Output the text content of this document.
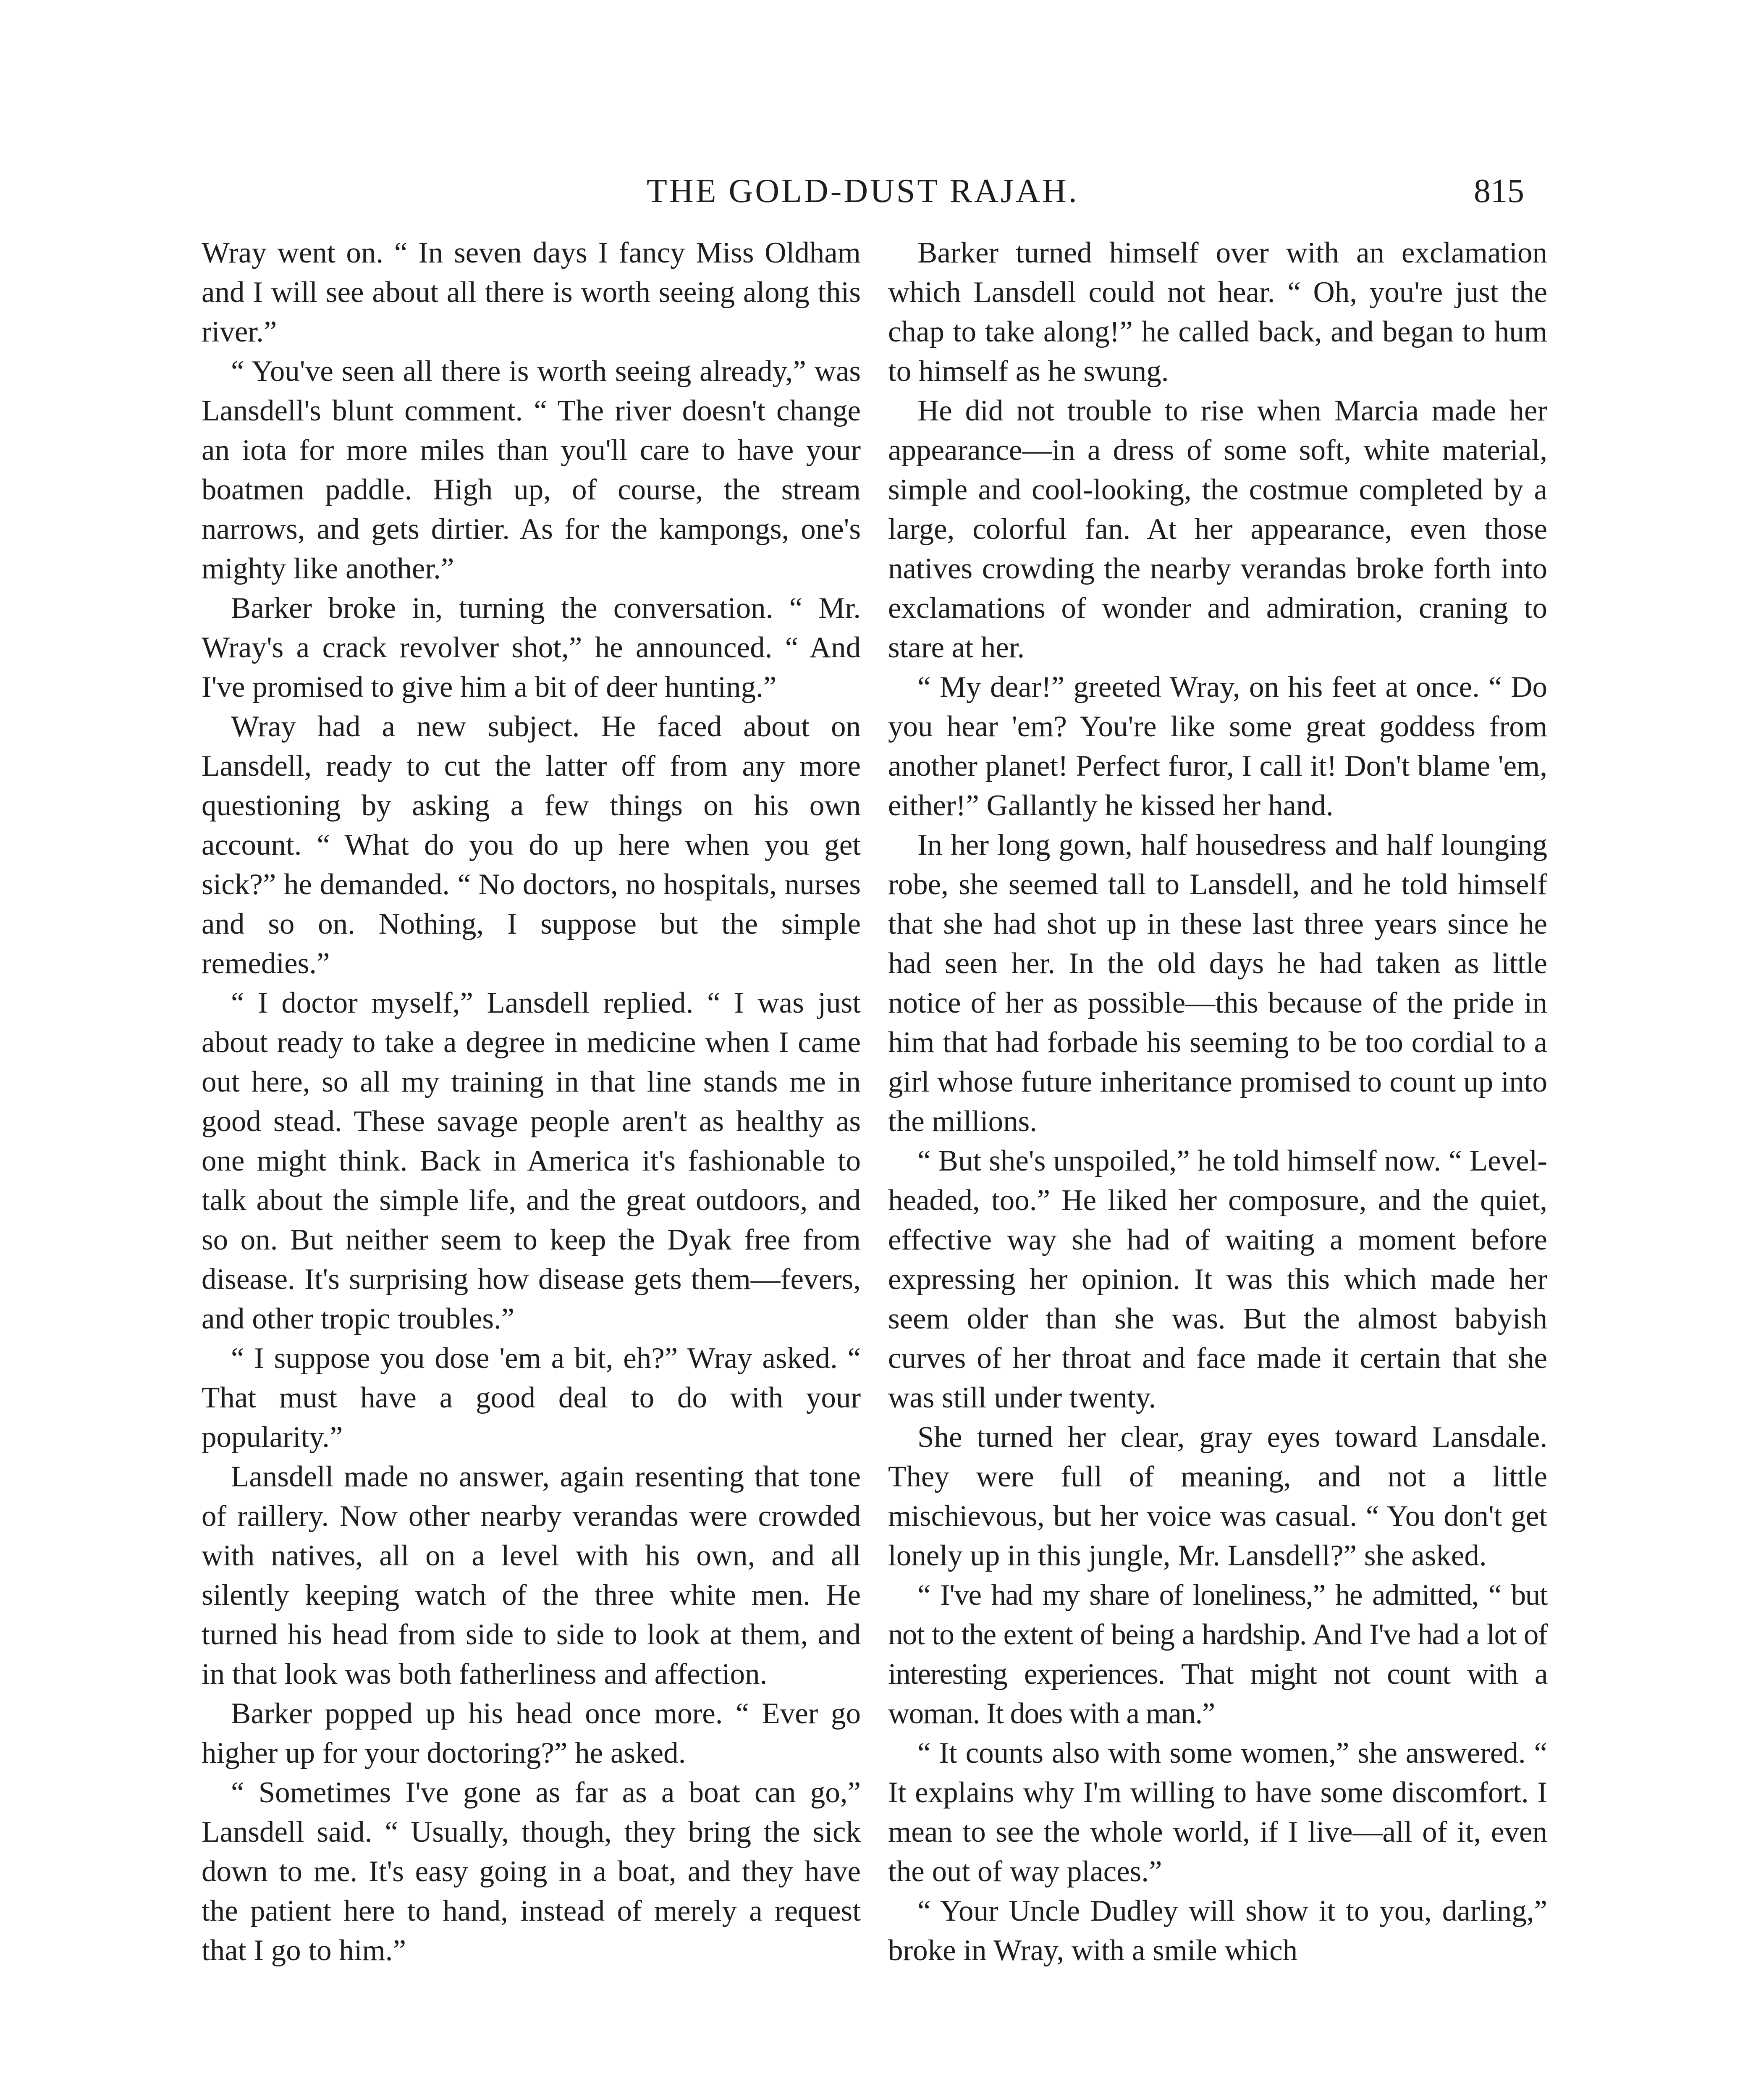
THE GOLD-DUST RAJAH.	815

Wray went on. “ In seven days I fancy Miss Oldham and I will see about all there is worth seeing along this river.”

“ You've seen all there is worth seeing already,” was Lansdell's blunt comment. “ The river doesn't change an iota for more miles than you'll care to have your boatmen paddle. High up, of course, the stream narrows, and gets dirtier. As for the kampongs, one's mighty like another.”

Barker broke in, turning the conversation. “ Mr. Wray's a crack revolver shot,” he announced. “ And I've promised to give him a bit of deer hunting.”

Wray had a new subject. He faced about on Lansdell, ready to cut the latter off from any more questioning by asking a few things on his own account. “ What do you do up here when you get sick?” he demanded. “ No doctors, no hospitals, nurses and so on. Nothing, I suppose but the simple remedies.”

“ I doctor myself,” Lansdell replied. “ I was just about ready to take a degree in medicine when I came out here, so all my training in that line stands me in good stead. These savage people aren't as healthy as one might think. Back in America it's fashionable to talk about the simple life, and the great outdoors, and so on. But neither seem to keep the Dyak free from disease. It's surprising how disease gets them—fevers, and other tropic troubles.”

“ I suppose you dose 'em a bit, eh?” Wray asked. “ That must have a good deal to do with your popularity.”

Lansdell made no answer, again resenting that tone of raillery. Now other nearby verandas were crowded with natives, all on a level with his own, and all silently keeping watch of the three white men. He turned his head from side to side to look at them, and in that look was both fatherliness and affection.

Barker popped up his head once more. “ Ever go higher up for your doctoring?” he asked.

“ Sometimes I've gone as far as a boat can go,” Lansdell said. “ Usually, though, they bring the sick down to me. It's easy going in a boat, and they have the patient here to hand, instead of merely a request that I go to him.”

Barker turned himself over with an exclamation which Lansdell could not hear. “ Oh, you're just the chap to take along!” he called back, and began to hum to himself as he swung.

He did not trouble to rise when Marcia made her appearance—in a dress of some soft, white material, simple and cool-looking, the costmue completed by a large, colorful fan. At her appearance, even those natives crowding the nearby verandas broke forth into exclamations of wonder and admiration, craning to stare at her.

“ My dear!” greeted Wray, on his feet at once. “ Do you hear 'em? You're like some great goddess from another planet! Perfect furor, I call it! Don't blame 'em, either!” Gallantly he kissed her hand.

In her long gown, half housedress and half lounging robe, she seemed tall to Lansdell, and he told himself that she had shot up in these last three years since he had seen her. In the old days he had taken as little notice of her as possible—this because of the pride in him that had forbade his seeming to be too cordial to a girl whose future inheritance promised to count up into the millions.

“ But she's unspoiled,” he told himself now. “ Level-headed, too.” He liked her composure, and the quiet, effective way she had of waiting a moment before expressing her opinion. It was this which made her seem older than she was. But the almost babyish curves of her throat and face made it certain that she was still under twenty.

She turned her clear, gray eyes toward Lansdale. They were full of meaning, and not a little mischievous, but her voice was casual. “ You don't get lonely up in this jungle, Mr. Lansdell?” she asked.

“ I've had my share of loneliness,” he admitted, “ but not to the extent of being a hardship. And I've had a lot of interesting experiences. That might not count with a woman. It does with a man.”

“ It counts also with some women,” she answered. “ It explains why I'm willing to have some discomfort. I mean to see the whole world, if I live—all of it, even the out of way places.”

“ Your Uncle Dudley will show it to you, darling,” broke in Wray, with a smile which
